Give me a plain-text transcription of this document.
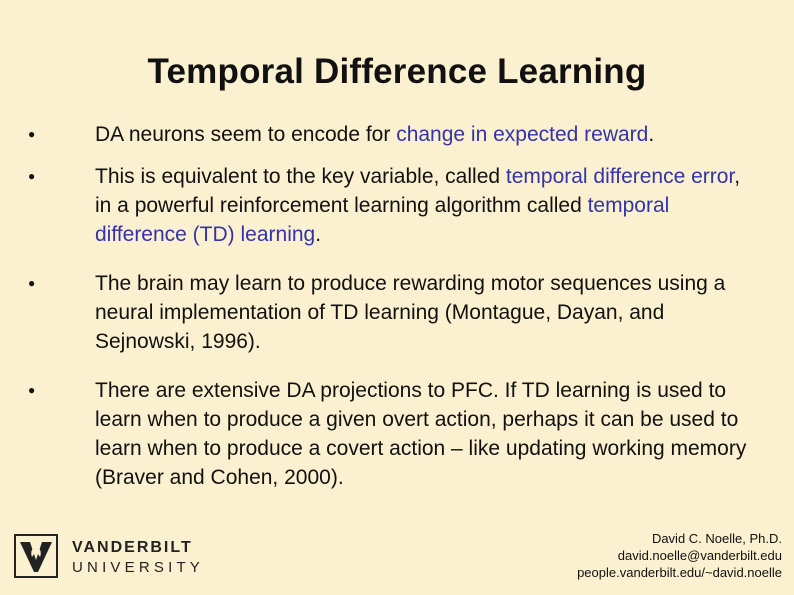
Temporal Difference Learning
●	DA neurons seem to encode for change in expected reward.
●	This is equivalent to the key variable, called temporal difference error, in a powerful reinforcement learning algorithm called temporal difference (TD) learning.
●	The brain may learn to produce rewarding motor sequences using a neural implementation of TD learning (Montague, Dayan, and Sejnowski, 1996).
●	There are extensive DA projections to PFC. If TD learning is used to learn when to produce a given overt action, perhaps it can be used to learn when to produce a covert action – like updating working memory (Braver and Cohen, 2000).
VANDERBILT
UNIVERSITY
David C. Noelle, Ph.D.
david.noelle@vanderbilt.edu
people.vanderbilt.edu/~david.noelle
